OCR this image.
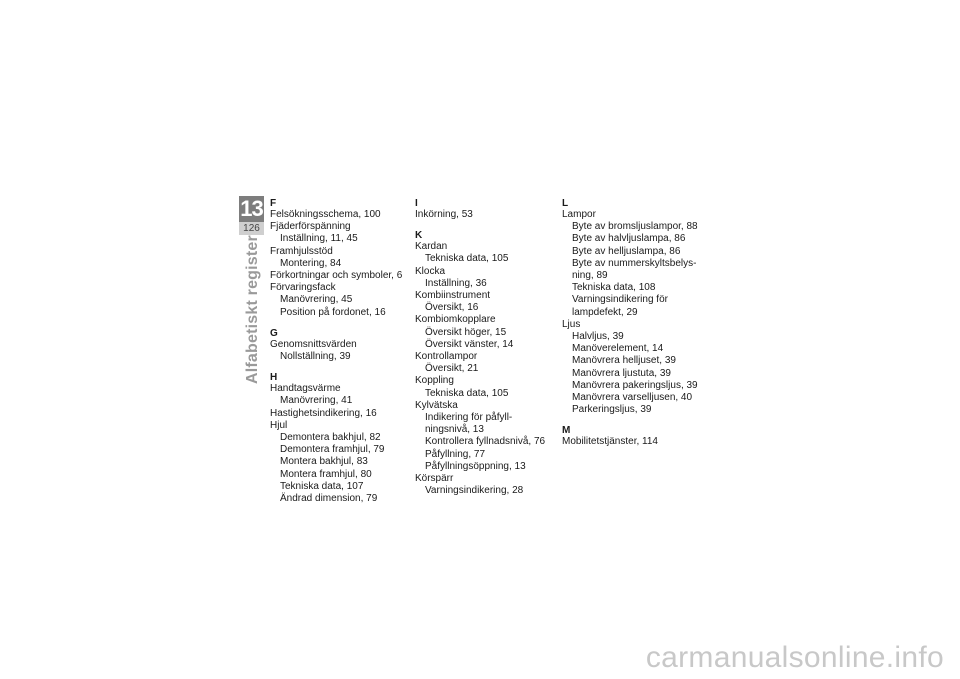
13
126
Alfabetiskt register
F
Felsökningsschema, 100
Fjäderförspänning
Inställning, 11, 45
Framhjulsstöd
Montering, 84
Förkortningar och symboler, 6
Förvaringsfack
Manövrering, 45
Position på fordonet, 16
G
Genomsnittsvärden
Nollställning, 39
H
Handtagsvärme
Manövrering, 41
Hastighetsindikering, 16
Hjul
Demontera bakhjul, 82
Demontera framhjul, 79
Montera bakhjul, 83
Montera framhjul, 80
Tekniska data, 107
Ändrad dimension, 79
I
Inkörning, 53
K
Kardan
Tekniska data, 105
Klocka
Inställning, 36
Kombiinstrument
Översikt, 16
Kombiomkopplare
Översikt höger, 15
Översikt vänster, 14
Kontrollampor
Översikt, 21
Koppling
Tekniska data, 105
Kylvätska
Indikering för påfyll-
ningsnivå, 13
Kontrollera fyllnadsnivå, 76
Påfyllning, 77
Påfyllningsöppning, 13
Körspärr
Varningsindikering, 28
L
Lampor
Byte av bromsljuslampor, 88
Byte av halvljuslampa, 86
Byte av helljuslampa, 86
Byte av nummerskyltsbelys-
ning, 89
Tekniska data, 108
Varningsindikering för
lampdefekt, 29
Ljus
Halvljus, 39
Manöverelement, 14
Manövrera helljuset, 39
Manövrera ljustuta, 39
Manövrera pakeringsljus, 39
Manövrera varselljusen, 40
Parkeringsljus, 39
M
Mobilitetstjänster, 114
carmanualsonline.info
